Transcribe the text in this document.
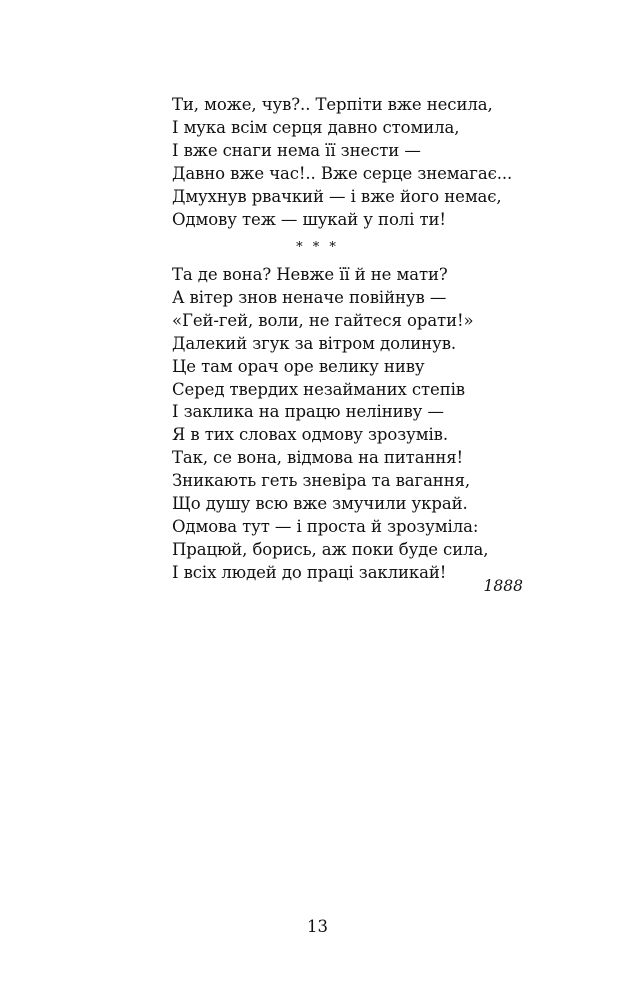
Ти, може, чув?.. Терпіти вже несила,
І мука всім серця давно стомила,
І вже снаги нема її знести —
Давно вже час!.. Вже серце знемагає...
Дмухнув рвачкий — і вже його немає,
Одмову теж — шукай у полі ти!
* * *
Та де вона? Невже її й не мати?
А вітер знов неначе повійнув —
«Гей-гей, воли, не гайтеся орати!»
Далекий згук за вітром долинув.
Це там орач оре велику ниву
Серед твердих незайманих степів
І заклика на працю неліниву —
Я в тих словах одмову зрозумів.
Так, се вона, відмова на питання!
Зникають геть зневіра та вагання,
Що душу всю вже змучили украй.
Одмова тут — і проста й зрозуміла:
Працюй, борись, аж поки буде сила,
І всіх людей до праці закликай!
1888
13
